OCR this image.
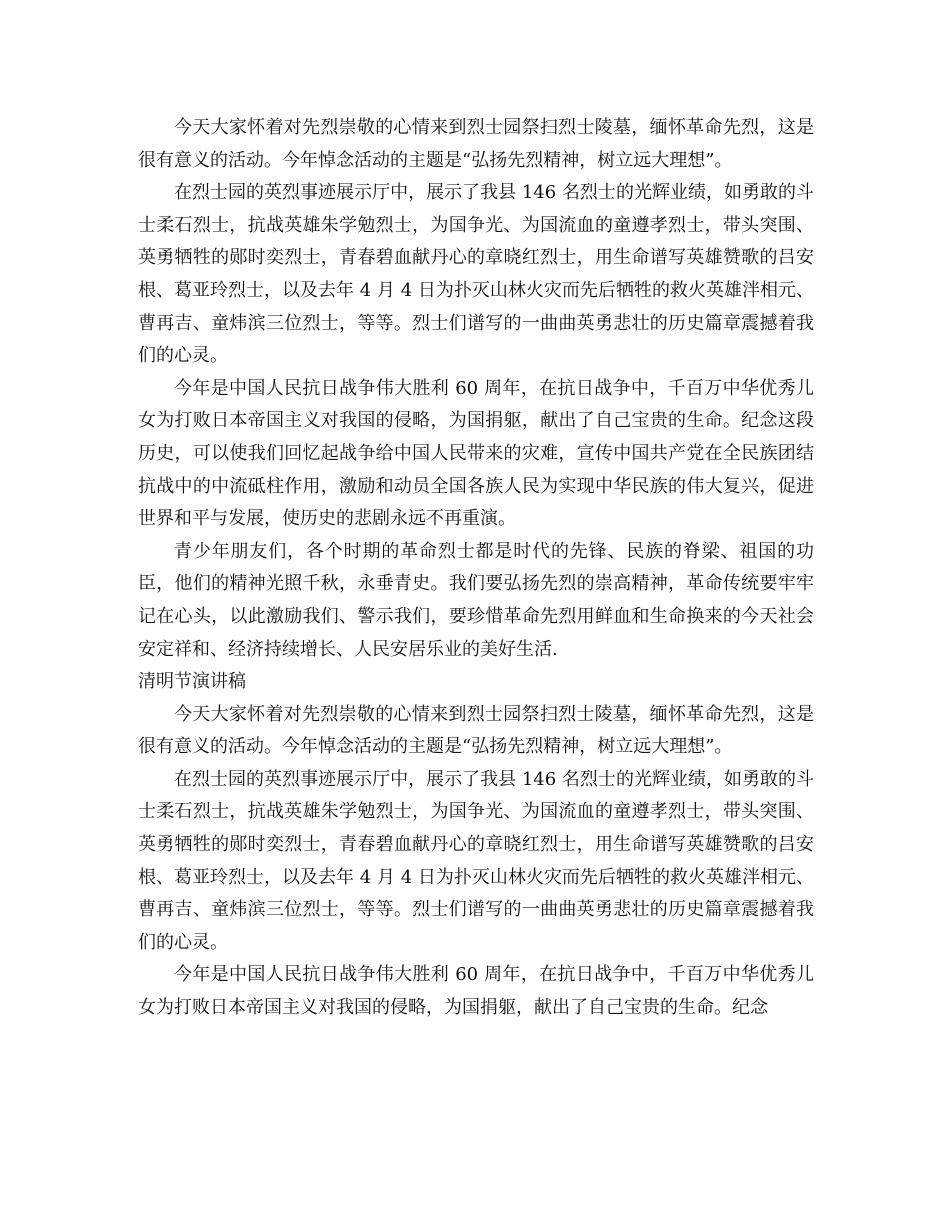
今天大家怀着对先烈崇敬的心情来到烈士园祭扫烈士陵墓，缅怀革命先烈，这是很有意义的活动。今年悼念活动的主题是“弘扬先烈精神，树立远大理想”。

在烈士园的英烈事迹展示厅中，展示了我县 146 名烈士的光辉业绩，如勇敢的斗士柔石烈士，抗战英雄朱学勉烈士，为国争光、为国流血的童遵孝烈士，带头突围、英勇牺牲的郧时奕烈士，青春碧血献丹心的章晓红烈士，用生命谱写英雄赞歌的吕安根、葛亚玲烈士，以及去年 4 月 4 日为扑灭山林火灾而先后牺牲的救火英雄泮相元、曹再吉、童炜滨三位烈士，等等。烈士们谱写的一曲曲英勇悲壮的历史篇章震撼着我们的心灵。

今年是中国人民抗日战争伟大胜利 60 周年，在抗日战争中，千百万中华优秀儿女为打败日本帝国主义对我国的侵略，为国捐躯，献出了自己宝贵的生命。纪念这段历史，可以使我们回忆起战争给中国人民带来的灾难，宣传中国共产党在全民族团结抗战中的中流砥柱作用，激励和动员全国各族人民为实现中华民族的伟大复兴，促进世界和平与发展，使历史的悲剧永远不再重演。

青少年朋友们，各个时期的革命烈士都是时代的先锋、民族的脊梁、祖国的功臣，他们的精神光照千秋，永垂青史。我们要弘扬先烈的崇高精神，革命传统要牢牢记在心头，以此激励我们、警示我们，要珍惜革命先烈用鲜血和生命换来的今天社会安定祥和、经济持续增长、人民安居乐业的美好生活.

清明节演讲稿

今天大家怀着对先烈崇敬的心情来到烈士园祭扫烈士陵墓，缅怀革命先烈，这是很有意义的活动。今年悼念活动的主题是“弘扬先烈精神，树立远大理想”。

在烈士园的英烈事迹展示厅中，展示了我县 146 名烈士的光辉业绩，如勇敢的斗士柔石烈士，抗战英雄朱学勉烈士，为国争光、为国流血的童遵孝烈士，带头突围、英勇牺牲的郧时奕烈士，青春碧血献丹心的章晓红烈士，用生命谱写英雄赞歌的吕安根、葛亚玲烈士，以及去年 4 月 4 日为扑灭山林火灾而先后牺牲的救火英雄泮相元、曹再吉、童炜滨三位烈士，等等。烈士们谱写的一曲曲英勇悲壮的历史篇章震撼着我们的心灵。

今年是中国人民抗日战争伟大胜利 60 周年，在抗日战争中，千百万中华优秀儿女为打败日本帝国主义对我国的侵略，为国捐躯，献出了自己宝贵的生命。纪念
